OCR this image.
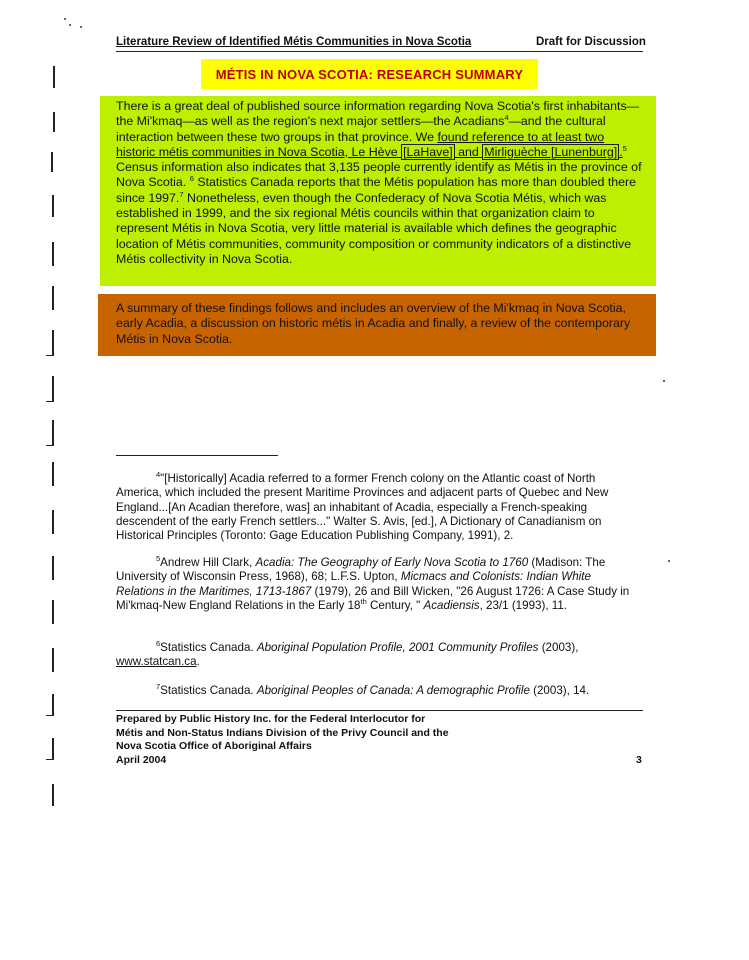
Literature Review of Identified Métis Communities in Nova Scotia	Draft for Discussion
MÉTIS IN NOVA SCOTIA: RESEARCH SUMMARY
There is a great deal of published source information regarding Nova Scotia's first inhabitants—the Mi'kmaq—as well as the region's next major settlers—the Acadians$^4$—and the cultural interaction between these two groups in that province. We found reference to at least two historic métis communities in Nova Scotia, Le Hève [LaHave] and Mirliguèche [Lunenburg] .$^5$ Census information also indicates that 3,135 people currently identify as Métis in the province of Nova Scotia. $^6$ Statistics Canada reports that the Métis population has more than doubled there since 1997.$^7$ Nonetheless, even though the Confederacy of Nova Scotia Métis, which was established in 1999, and the six regional Métis councils within that organization claim to represent Métis in Nova Scotia, very little material is available which defines the geographic location of Métis communities, community composition or community indicators of a distinctive Métis collectivity in Nova Scotia.
A summary of these findings follows and includes an overview of the Mi'kmaq in Nova Scotia, early Acadia, a discussion on historic métis in Acadia and finally, a review of the contemporary Métis in Nova Scotia.
$^4$"[Historically] Acadia referred to a former French colony on the Atlantic coast of North America, which included the present Maritime Provinces and adjacent parts of Quebec and New England...[An Acadian therefore, was] an inhabitant of Acadia, especially a French-speaking descendent of the early French settlers..." Walter S. Avis, [ed.], A Dictionary of Canadianism on Historical Principles (Toronto: Gage Education Publishing Company, 1991), 2.
$^5$Andrew Hill Clark, Acadia: The Geography of Early Nova Scotia to 1760 (Madison: The University of Wisconsin Press, 1968), 68; L.F.S. Upton, Micmacs and Colonists: Indian White Relations in the Maritimes, 1713-1867 (1979), 26 and Bill Wicken, "26 August 1726: A Case Study in Mi'kmaq-New England Relations in the Early 18th Century, " Acadiensis, 23/1 (1993), 11.
$^6$Statistics Canada. Aboriginal Population Profile, 2001 Community Profiles (2003), www.statcan.ca.
$^7$Statistics Canada. Aboriginal Peoples of Canada: A demographic Profile (2003), 14.
Prepared by Public History Inc. for the Federal Interlocutor for
Métis and Non-Status Indians Division of the Privy Council and the
Nova Scotia Office of Aboriginal Affairs
April 2004	3
